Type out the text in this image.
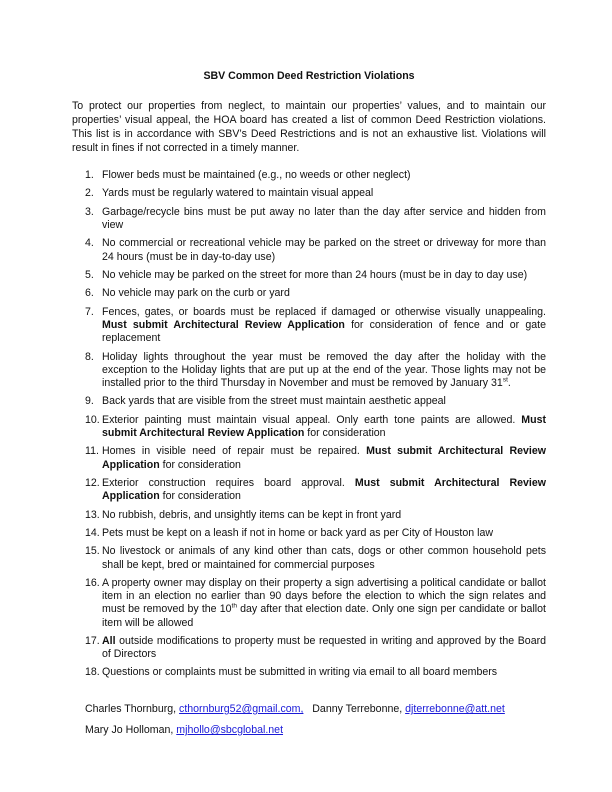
SBV Common Deed Restriction Violations

To protect our properties from neglect, to maintain our properties’ values, and to maintain our properties’ visual appeal, the HOA board has created a list of common Deed Restriction violations. This list is in accordance with SBV’s Deed Restrictions and is not an exhaustive list. Violations will result in fines if not corrected in a timely manner.

1. Flower beds must be maintained (e.g., no weeds or other neglect)
2. Yards must be regularly watered to maintain visual appeal
3. Garbage/recycle bins must be put away no later than the day after service and hidden from view
4. No commercial or recreational vehicle may be parked on the street or driveway for more than 24 hours (must be in day-to-day use)
5. No vehicle may be parked on the street for more than 24 hours (must be in day to day use)
6. No vehicle may park on the curb or yard
7. Fences, gates, or boards must be replaced if damaged or otherwise visually unappealing. Must submit Architectural Review Application for consideration of fence and or gate replacement
8. Holiday lights throughout the year must be removed the day after the holiday with the exception to the Holiday lights that are put up at the end of the year. Those lights may not be installed prior to the third Thursday in November and must be removed by January 31st.
9. Back yards that are visible from the street must maintain aesthetic appeal
10. Exterior painting must maintain visual appeal. Only earth tone paints are allowed. Must submit Architectural Review Application for consideration
11. Homes in visible need of repair must be repaired. Must submit Architectural Review Application for consideration
12. Exterior construction requires board approval. Must submit Architectural Review Application for consideration
13. No rubbish, debris, and unsightly items can be kept in front yard
14. Pets must be kept on a leash if not in home or back yard as per City of Houston law
15. No livestock or animals of any kind other than cats, dogs or other common household pets shall be kept, bred or maintained for commercial purposes
16. A property owner may display on their property a sign advertising a political candidate or ballot item in an election no earlier than 90 days before the election to which the sign relates and must be removed by the 10th day after that election date. Only one sign per candidate or ballot item will be allowed
17. All outside modifications to property must be requested in writing and approved by the Board of Directors
18. Questions or complaints must be submitted in writing via email to all board members
Charles Thornburg, cthornburg52@gmail.com, Danny Terrebonne, djterrebonne@att.net
Mary Jo Holloman, mjhollo@sbcglobal.net
